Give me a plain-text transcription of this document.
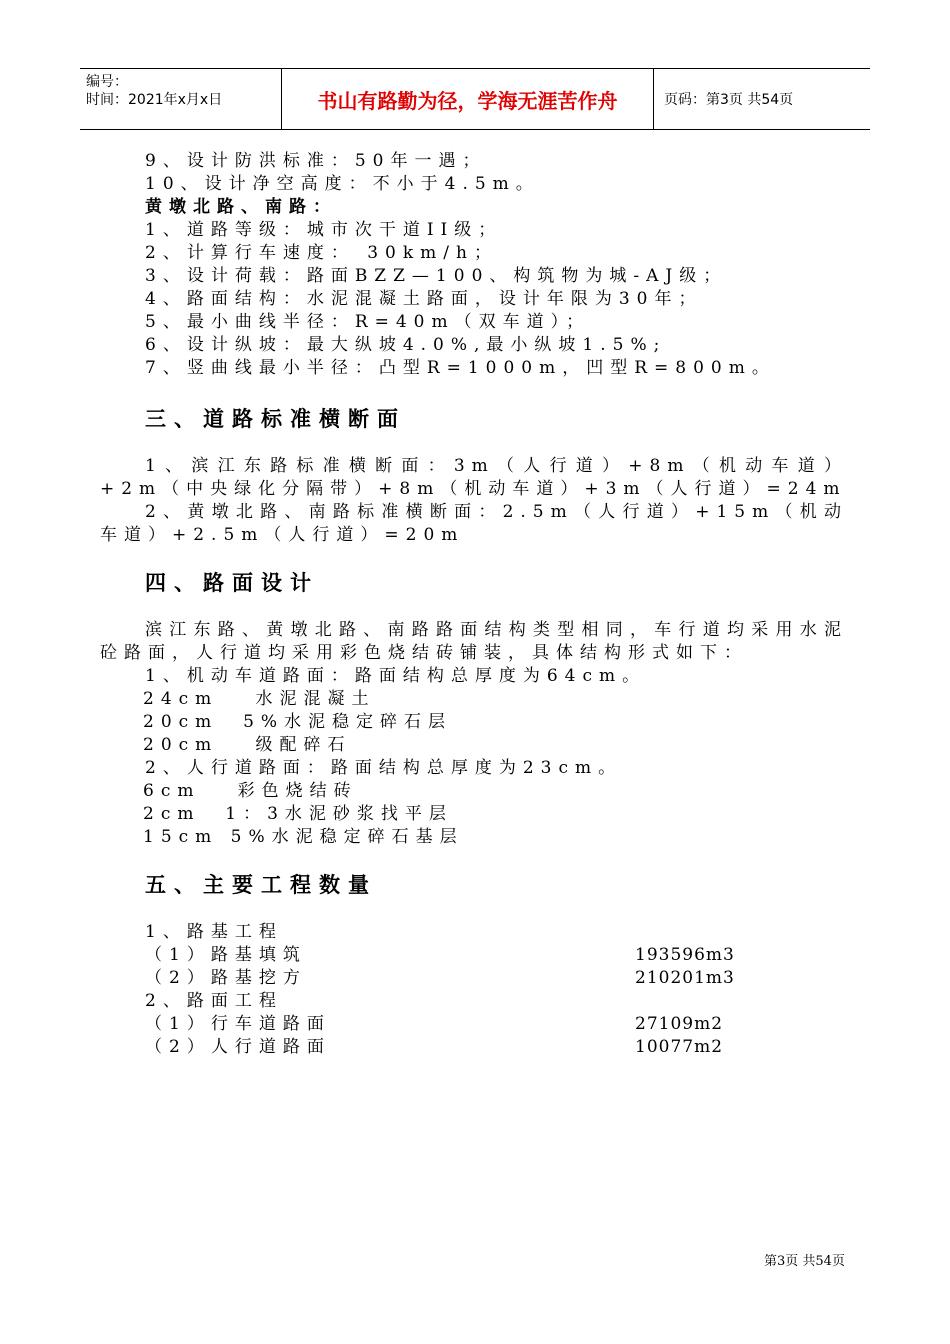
编号：
时间：2021年x月x日	书山有路勤为径，学海无涯苦作舟	页码：第3页 共54页
9、设计防洪标准：50年一遇；
10、设计净空高度：不小于4.5m。
黄墩北路、南路：
1、道路等级：城市次干道II级；
2、计算行车速度： 30km/h；
3、设计荷载：路面BZZ—100、构筑物为城-AJ级；
4、路面结构：水泥混凝土路面，设计年限为30年；
5、最小曲线半径：R=40m（双车道）；
6、设计纵坡：最大纵坡4.0%,最小纵坡1.5%;
7、竖曲线最小半径：凸型R=1000m，凹型R=800m。
三、道路标准横断面
1、滨江东路标准横断面：3m（人行道）+8m（机动车道）+2m（中央绿化分隔带）+8m（机动车道）+3m（人行道）=24m
2、黄墩北路、南路标准横断面：2.5m（人行道）+15m（机动车道）+2.5m（人行道）=20m
四、路面设计
滨江东路、黄墩北路、南路路面结构类型相同，车行道均采用水泥砼路面，人行道均采用彩色烧结砖铺装，具体结构形式如下：
1、机动车道路面：路面结构总厚度为64cm。
24cm   水泥混凝土
20cm  5%水泥稳定碎石层
20cm   级配碎石
2、人行道路面：路面结构总厚度为23cm。
6cm   彩色烧结砖
2cm  1：3水泥砂浆找平层
15cm 5%水泥稳定碎石基层
五、主要工程数量
1、路基工程
（1）路基填筑	193596m3
（2）路基挖方	210201m3
2、路面工程
（1）行车道路面	27109m2
（2）人行道路面	10077m2
第3页 共54页
